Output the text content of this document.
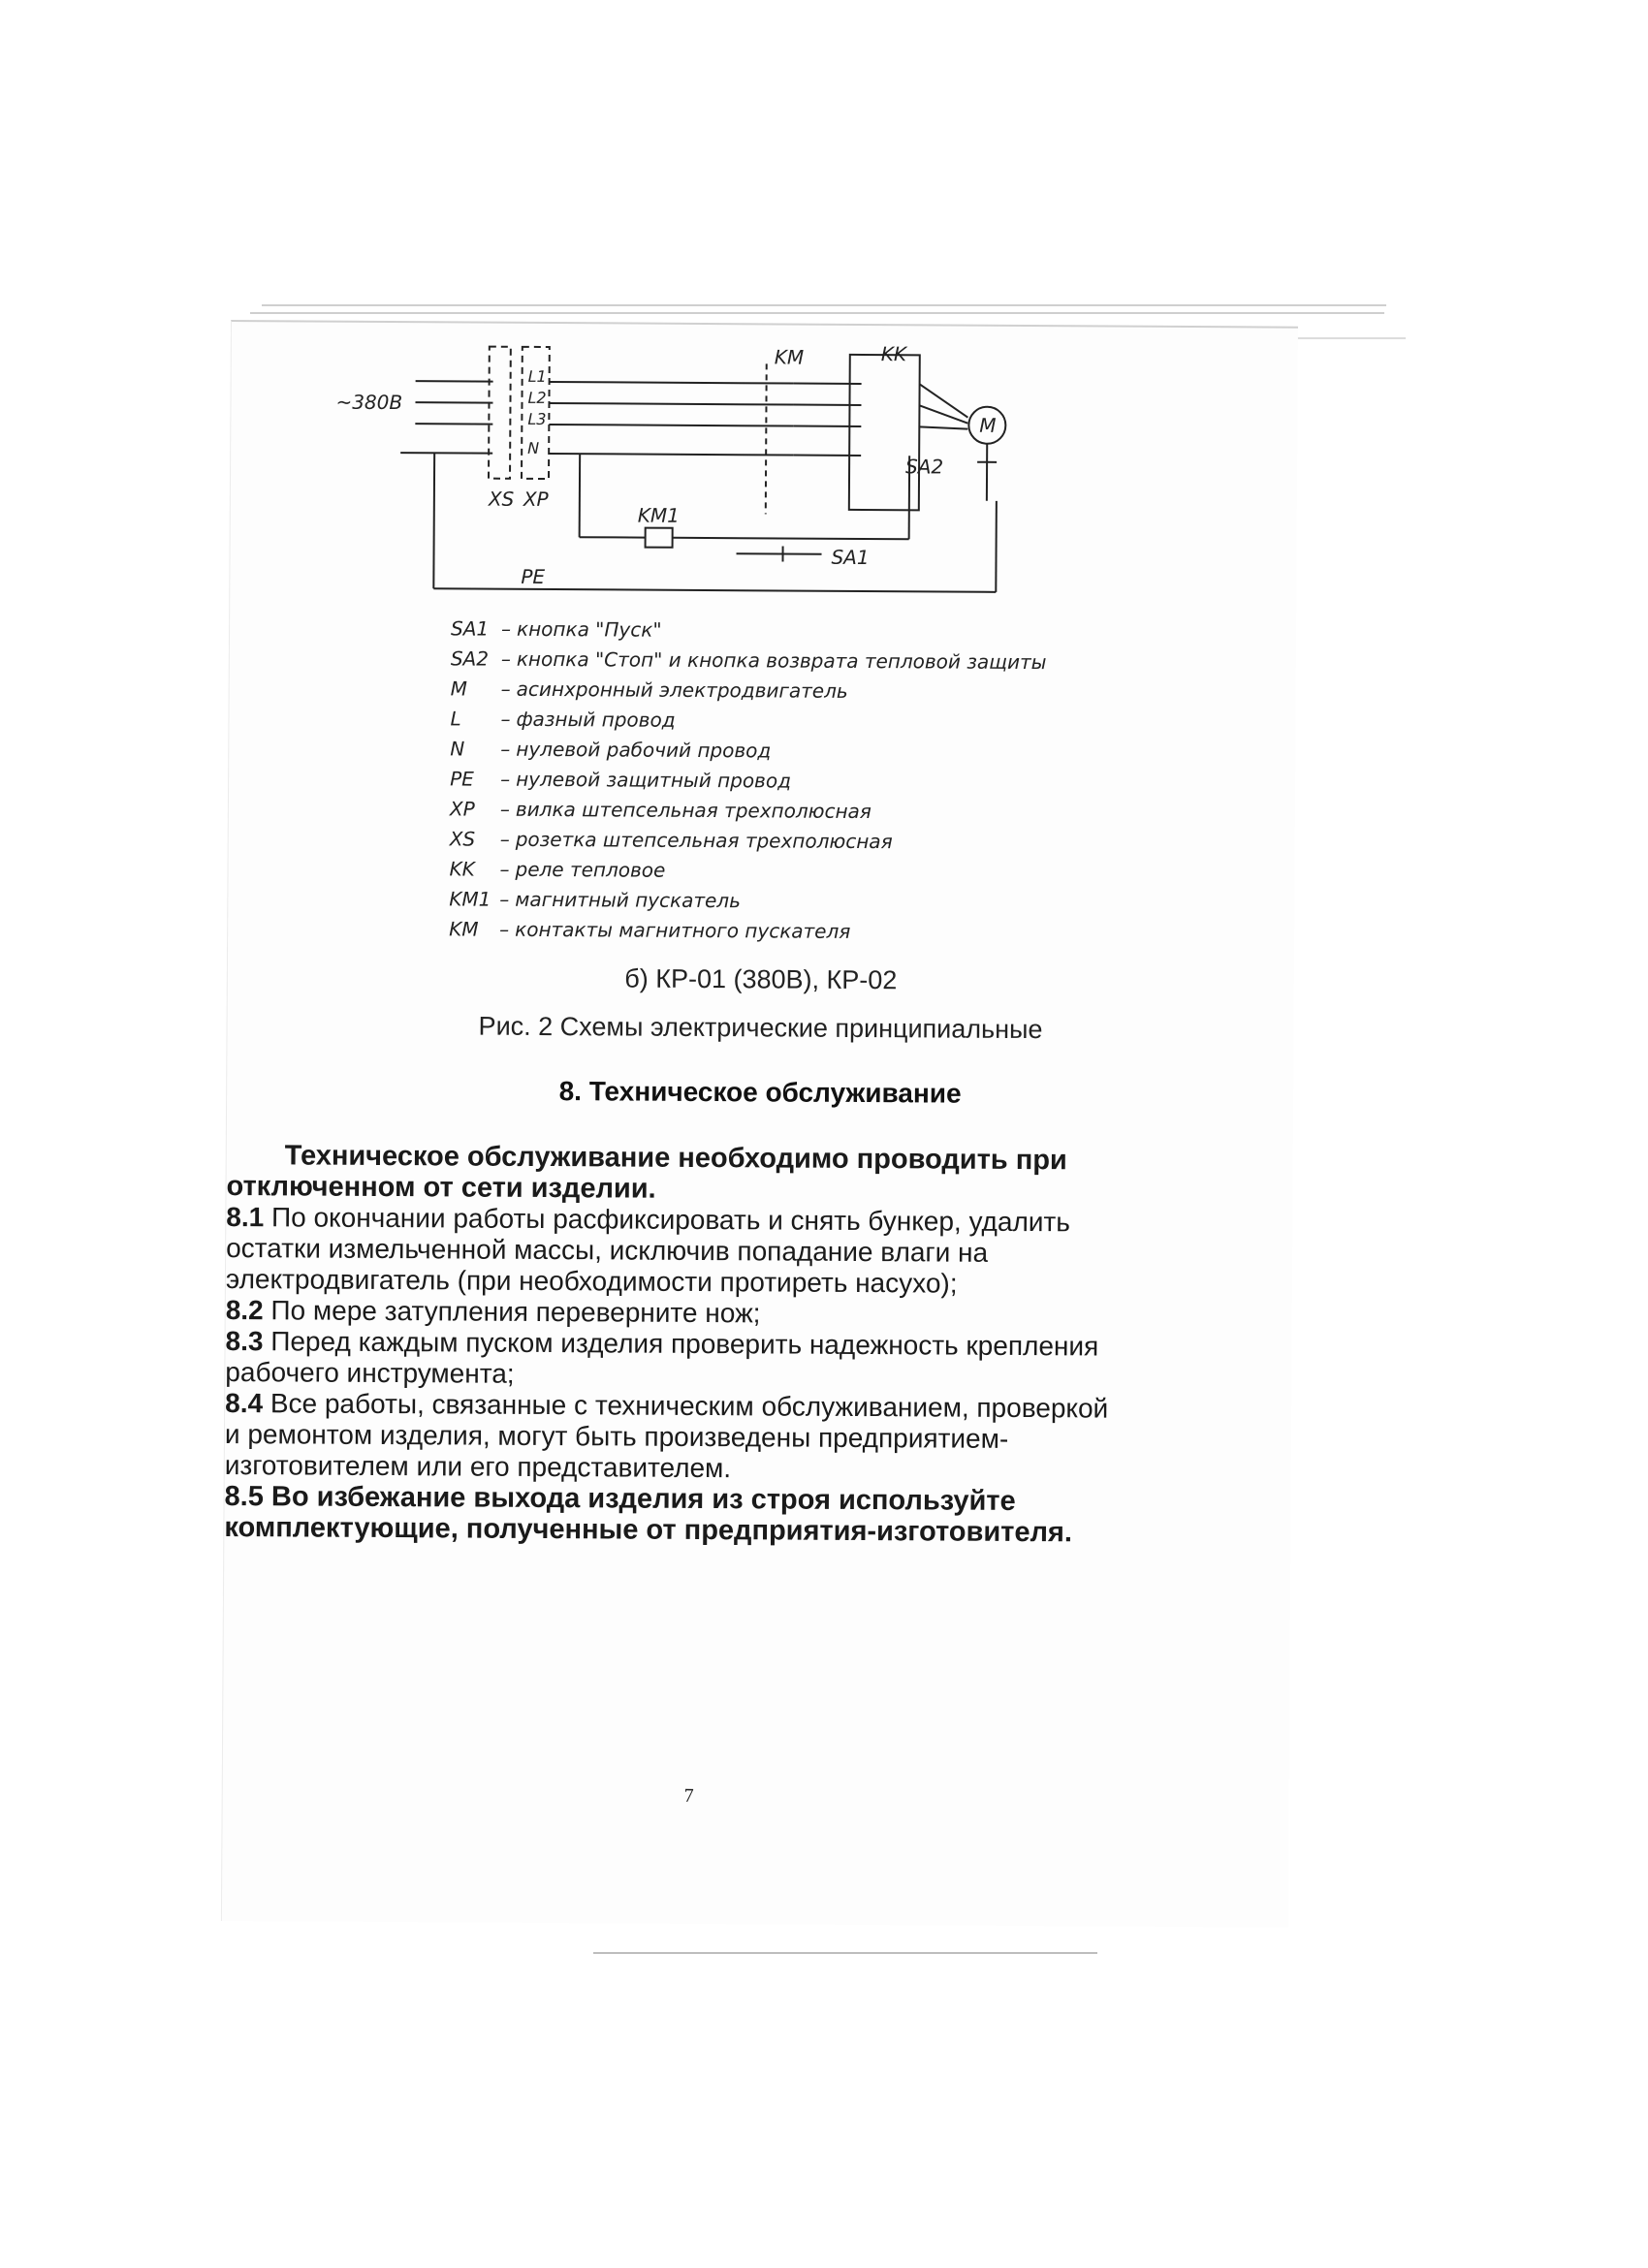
~380В
XS XP
L1
L2
L3
N
KM	KK
M
SA2
KM1
SA1
PE
SA1 – кнопка "Пуск"
SA2 – кнопка "Стоп" и кнопка возврата тепловой защиты
M	– асинхронный электродвигатель
L	– фазный провод
N	– нулевой рабочий провод
PE	– нулевой защитный провод
XP	– вилка штепсельная трехполюсная
XS	– розетка штепсельная трехполюсная
KK	– реле тепловое
KM1 – магнитный пускатель
KM	– контакты магнитного пускателя
б) КР-01 (380В), КР-02
Рис. 2 Схемы электрические принципиальные
8. Техническое обслуживание

Техническое обслуживание необходимо проводить при отключенном от сети изделии.

8.1 По окончании работы расфиксировать и снять бункер, удалить остатки измельченной массы, исключив попадание влаги на электродвигатель (при необходимости протиреть насухо);

8.2 По мере затупления переверните нож;

8.3 Перед каждым пуском изделия проверить надежность крепления рабочего инструмента;

8.4 Все работы, связанные с техническим обслуживанием, проверкой и ремонтом изделия, могут быть произведены предприятием-изготовителем или его представителем.

8.5 Во избежание выхода изделия из строя используйте комплектующие, полученные от предприятия-изготовителя.

7
